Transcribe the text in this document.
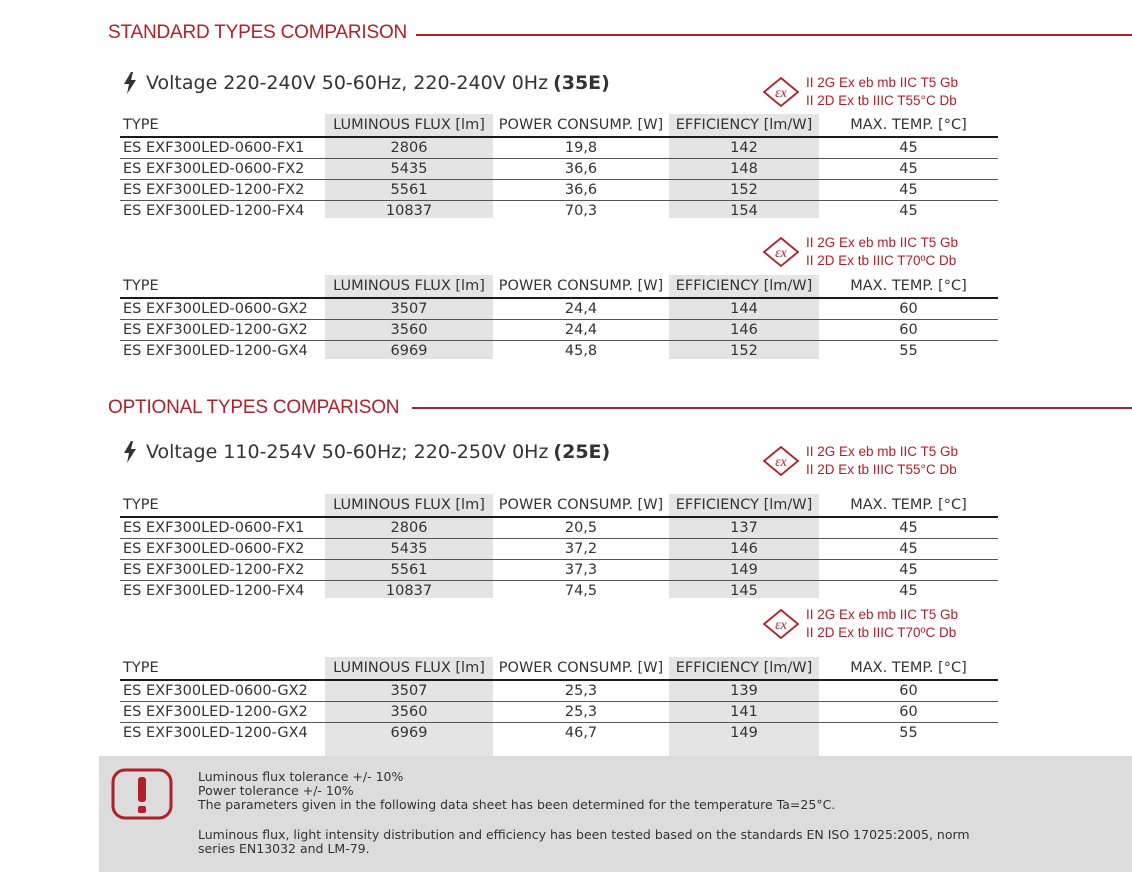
STANDARD TYPES COMPARISON
Voltage 220-240V 50-60Hz, 220-240V 0Hz (35E)	εx
II 2G Ex eb mb IIC T5 Gb
II 2D Ex tb IIIC T55°C Db
TYPE	LUMINOUS FLUX [lm] POWER CONSUMP. [W] EFFICIENCY [lm/W]	MAX. TEMP. [°C]
ES EXF300LED-0600-FX1	2806	19,8	142	45
ES EXF300LED-0600-FX2	5435	36,6	148	45
ES EXF300LED-1200-FX2	5561	36,6	152	45
ES EXF300LED-1200-FX4	10837	70,3	154	45
εx
II 2G Ex eb mb IIC T5 Gb
II 2D Ex tb IIIC T70ºC Db
TYPE	LUMINOUS FLUX [lm] POWER CONSUMP. [W] EFFICIENCY [lm/W]	MAX. TEMP. [°C]
ES EXF300LED-0600-GX2	3507	24,4	144	60
ES EXF300LED-1200-GX2	3560	24,4	146	60
ES EXF300LED-1200-GX4	6969	45,8	152	55
OPTIONAL TYPES COMPARISON
Voltage 110-254V 50-60Hz; 220-250V 0Hz (25E)	εx
II 2G Ex eb mb IIC T5 Gb
II 2D Ex tb IIIC T55°C Db
TYPE	LUMINOUS FLUX [lm] POWER CONSUMP. [W] EFFICIENCY [lm/W]	MAX. TEMP. [°C]
ES EXF300LED-0600-FX1	2806	20,5	137	45
ES EXF300LED-0600-FX2	5435	37,2	146	45
ES EXF300LED-1200-FX2	5561	37,3	149	45
ES EXF300LED-1200-FX4	10837	74,5	145	45
εx
II 2G Ex eb mb IIC T5 Gb
II 2D Ex tb IIIC T70ºC Db
TYPE	LUMINOUS FLUX [lm] POWER CONSUMP. [W] EFFICIENCY [lm/W]	MAX. TEMP. [°C]
ES EXF300LED-0600-GX2	3507	25,3	139	60
ES EXF300LED-1200-GX2	3560	25,3	141	60
ES EXF300LED-1200-GX4	6969	46,7	149	55
Luminous flux tolerance +/- 10%
Power tolerance +/- 10%
The parameters given in the following data sheet has been determined for the temperature Ta=25°C.
Luminous flux, light intensity distribution and efficiency has been tested based on the standards EN ISO 17025:2005, norm
series EN13032 and LM-79.
